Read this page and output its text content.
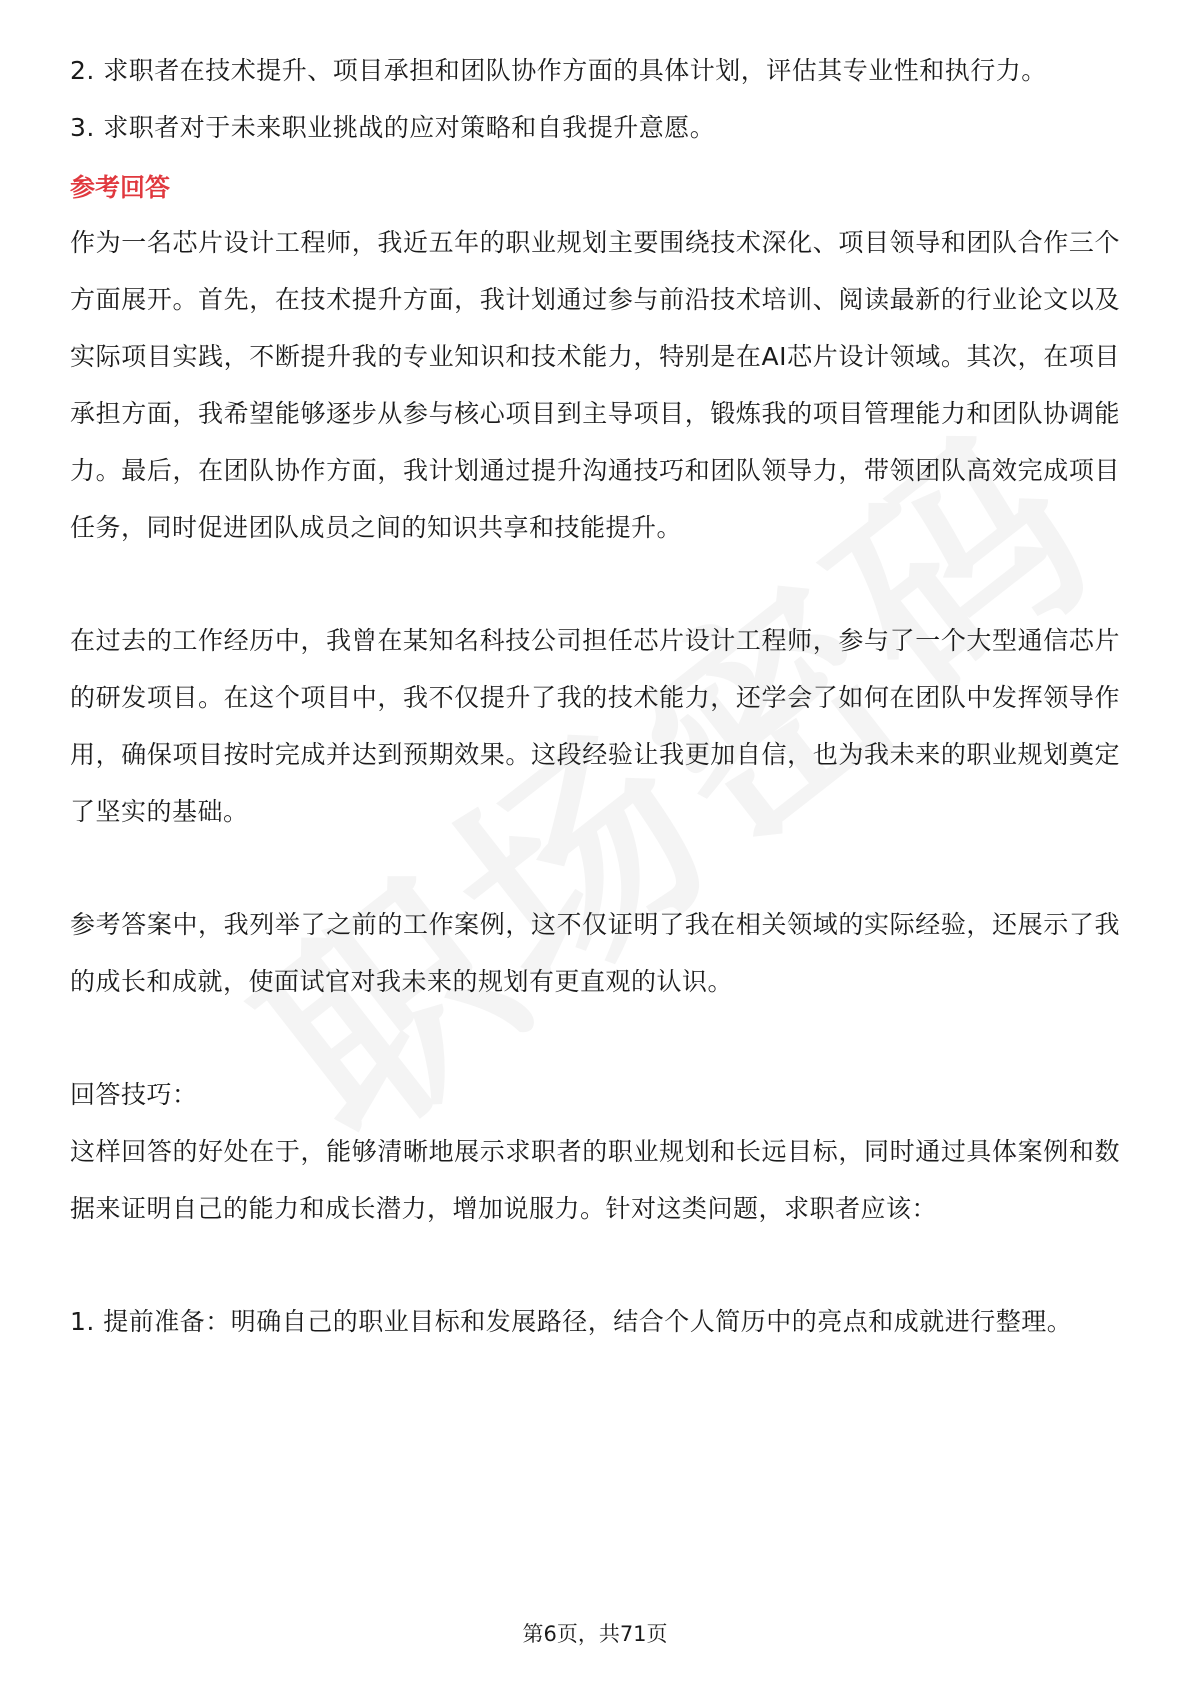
2. 求职者在技术提升、项目承担和团队协作方面的具体计划，评估其专业性和执行力。

3. 求职者对于未来职业挑战的应对策略和自我提升意愿。

参考回答

作为一名芯片设计工程师，我近五年的职业规划主要围绕技术深化、项目领导和团队合作三个方面展开。首先，在技术提升方面，我计划通过参与前沿技术培训、阅读最新的行业论文以及实际项目实践，不断提升我的专业知识和技术能力，特别是在AI芯片设计领域。其次，在项目承担方面，我希望能够逐步从参与核心项目到主导项目，锻炼我的项目管理能力和团队协调能力。最后，在团队协作方面，我计划通过提升沟通技巧和团队领导力，带领团队高效完成项目任务，同时促进团队成员之间的知识共享和技能提升。

在过去的工作经历中，我曾在某知名科技公司担任芯片设计工程师，参与了一个大型通信芯片的研发项目。在这个项目中，我不仅提升了我的技术能力，还学会了如何在团队中发挥领导作用，确保项目按时完成并达到预期效果。这段经验让我更加自信，也为我未来的职业规划奠定了坚实的基础。

参考答案中，我列举了之前的工作案例，这不仅证明了我在相关领域的实际经验，还展示了我的成长和成就，使面试官对我未来的规划有更直观的认识。

回答技巧：

这样回答的好处在于，能够清晰地展示求职者的职业规划和长远目标，同时通过具体案例和数据来证明自己的能力和成长潜力，增加说服力。针对这类问题，求职者应该：

1. 提前准备：明确自己的职业目标和发展路径，结合个人简历中的亮点和成就进行整理。

第6页，共71页
